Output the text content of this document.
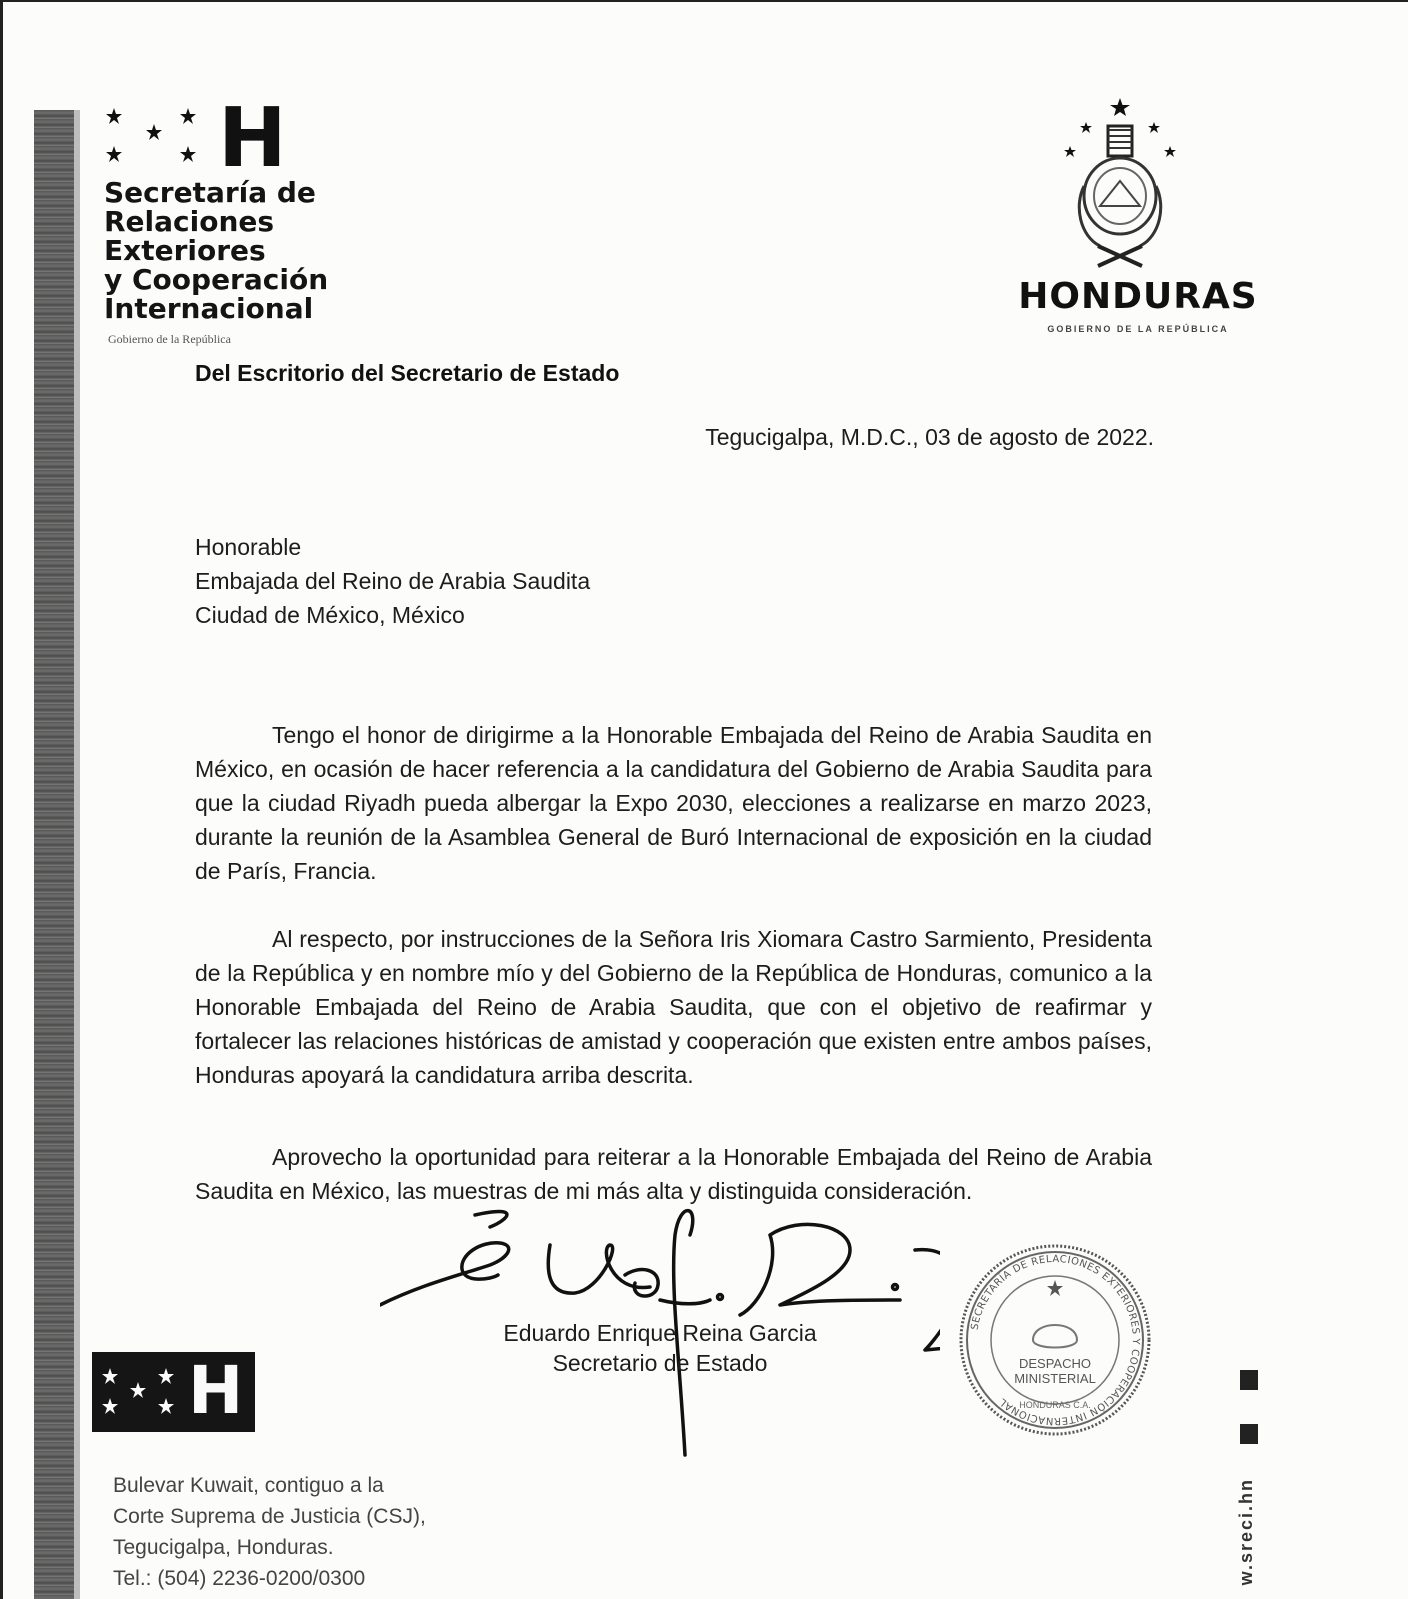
H
Secretaría de
Relaciones
Exteriores
y Cooperación
Internacional
Gobierno de la República
HONDURAS
GOBIERNO DE LA REPÚBLICA
Del Escritorio del Secretario de Estado
Tegucigalpa, M.D.C., 03 de agosto de 2022.
Honorable
Embajada del Reino de Arabia Saudita
Ciudad de México, México

Tengo el honor de dirigirme a la Honorable Embajada del Reino de Arabia Saudita en México, en ocasión de hacer referencia a la candidatura del Gobierno de Arabia Saudita para que la ciudad Riyadh pueda albergar la Expo 2030, elecciones a realizarse en marzo 2023, durante la reunión de la Asamblea General de Buró Internacional de exposición en la ciudad de París, Francia.

Al respecto, por instrucciones de la Señora Iris Xiomara Castro Sarmiento, Presidenta de la República y en nombre mío y del Gobierno de la República de Honduras, comunico a la Honorable Embajada del Reino de Arabia Saudita, que con el objetivo de reafirmar y fortalecer las relaciones históricas de amistad y cooperación que existen entre ambos países, Honduras apoyará la candidatura arriba descrita.

Aprovecho la oportunidad para reiterar a la Honorable Embajada del Reino de Arabia Saudita en México, las muestras de mi más alta y distinguida consideración.

SECRETARÍA DE RELACIONES EXTERIORES Y COOPERACIÓN INTERNACIONAL
DESPACHO
MINISTERIAL
HONDURAS C.A.
Eduardo Enrique Reina Garcia
Secretario de Estado
H
Bulevar Kuwait, contiguo a la
Corte Suprema de Justicia (CSJ),
Tegucigalpa, Honduras.
Tel.: (504) 2236-0200/0300	w.sreci.hn
